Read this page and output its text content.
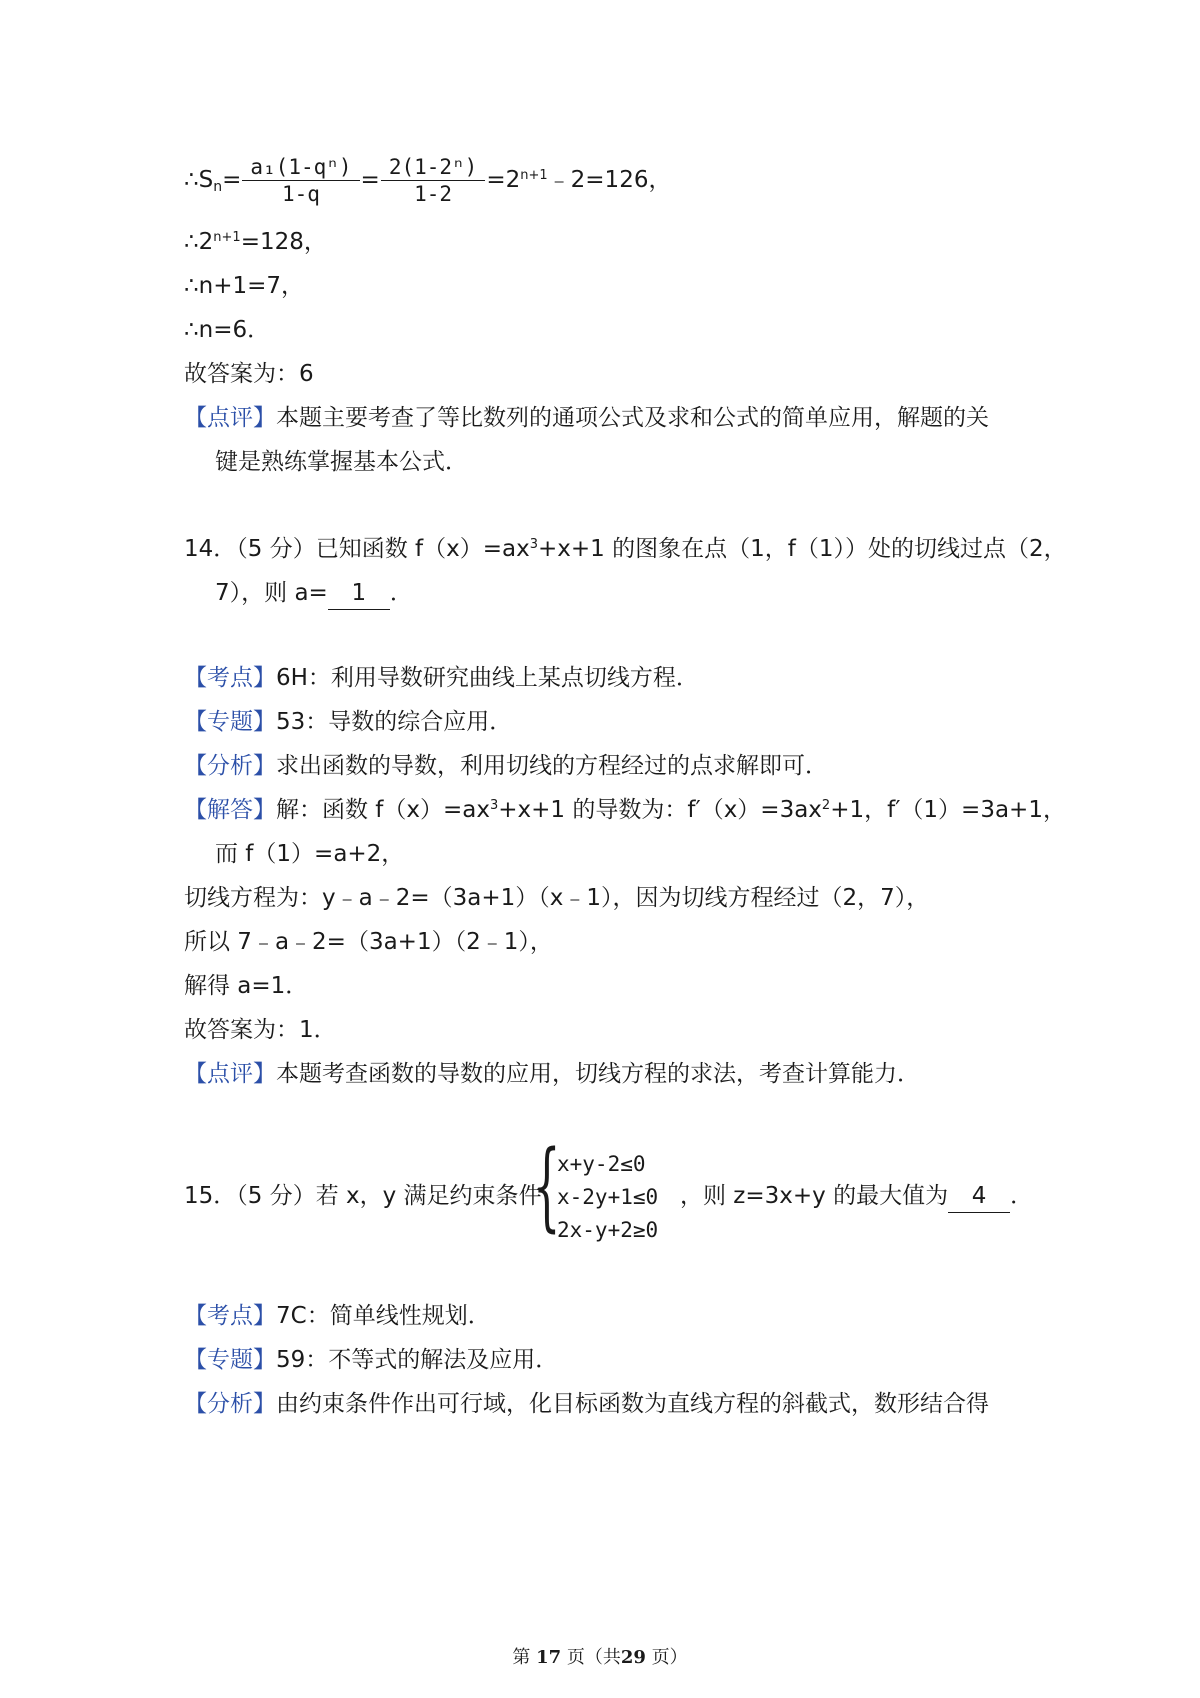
$\therefore S_n= \frac{\text{a₁(1-qⁿ)}}{1-q} = \frac{\text{2(1-2ⁿ)}}{1-2}$ $=2^{n+1}﹣2=126$，
$\therefore 2^{n+1}=128$，
∴n+1=7，
∴n=6．
故答案为：6
【点评】本题主要考查了等比数列的通项公式及求和公式的简单应用，解题的关
键是熟练掌握基本公式．
14．（5 分）已知函数 $f(x)=ax^3+x+1$ 的图象在点（1，f（1））处的切线过点（2，
7），则 a= 1 ．
【考点】6H：利用导数研究曲线上某点切线方程．
【专题】53：导数的综合应用．
【分析】求出函数的导数，利用切线的方程经过的点求解即可．
【解答】解：函数 $f(x)=ax^3+x+1$ 的导数为：$f'(x)=3ax^2+1$，f′（1）=3a+1，
而 f（1）=a+2，
切线方程为：y﹣a﹣2=（3a+1）（x﹣1），因为切线方程经过（2，7），
所以 7﹣a﹣2=（3a+1）（2﹣1），
解得 a=1．
故答案为：1．
【点评】本题考查函数的导数的应用，切线方程的求法，考查计算能力．
15．（5 分）若 x，y 满足约束条件
{
x+y-2≤0
x-2y+1≤0
2x-y+2≥0
，则 z=3x+y 的最大值为 4 ．
【考点】7C：简单线性规划．
【专题】59：不等式的解法及应用．
【分析】由约束条件作出可行域，化目标函数为直线方程的斜截式，数形结合得
第 17 页（共29 页）
